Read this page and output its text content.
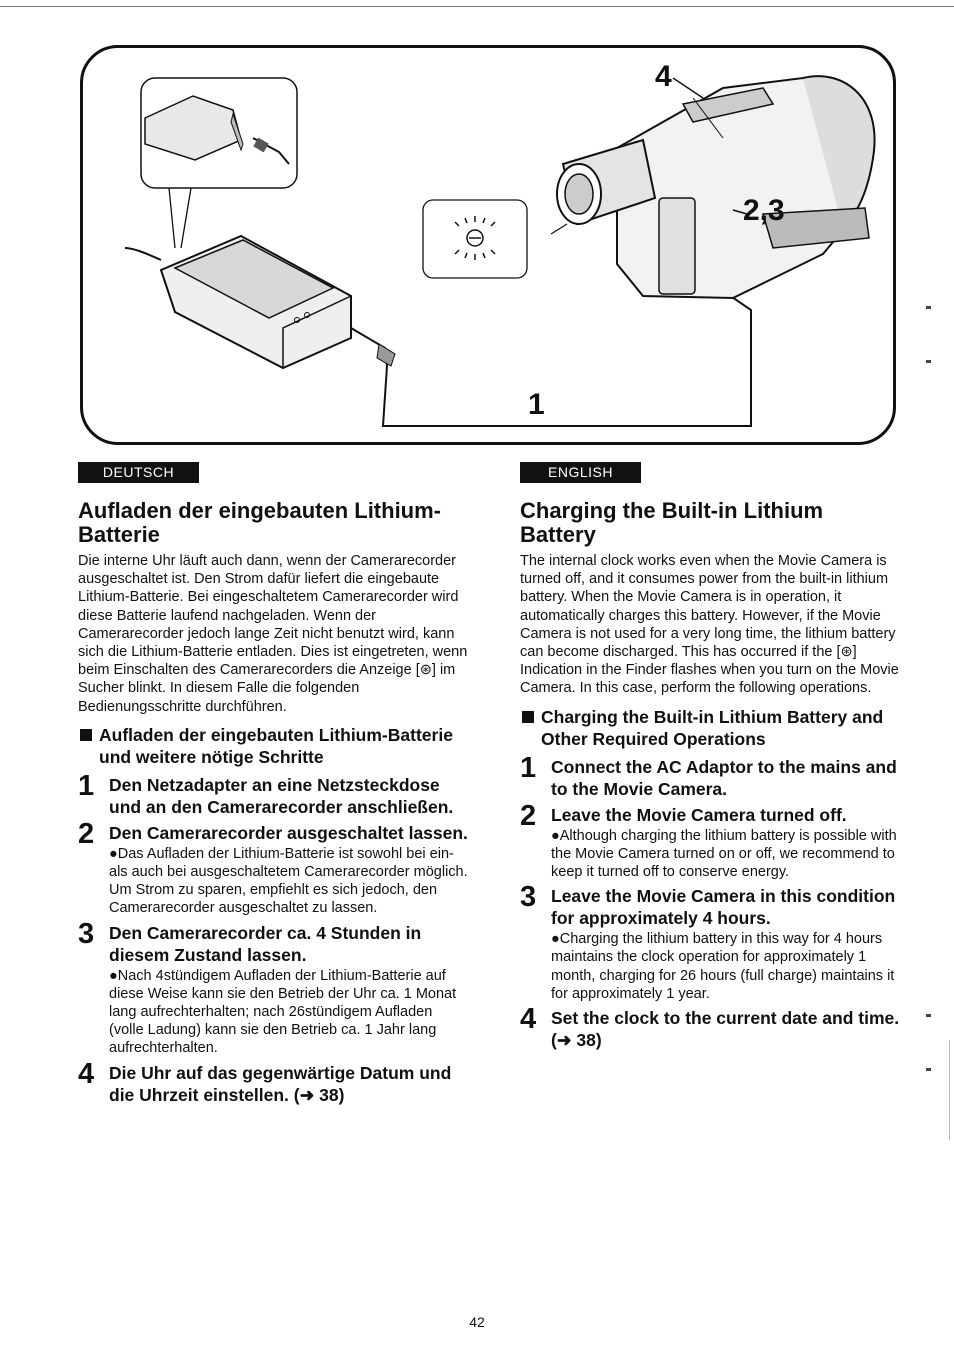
4
2,3
1
DEUTSCH
Aufladen der eingebauten Lithium-Batterie

Die interne Uhr läuft auch dann, wenn der Camerarecorder ausgeschaltet ist. Den Strom dafür liefert die eingebaute Lithium-Batterie. Bei eingeschaltetem Camerarecorder wird diese Batterie laufend nachgeladen. Wenn der Camerarecorder jedoch lange Zeit nicht benutzt wird, kann sich die Lithium-Batterie entladen. Dies ist eingetreten, wenn beim Einschalten des Camerarecorders die Anzeige [⊛] im Sucher blinkt. In diesem Falle die folgenden Bedienungsschritte durchführen.

Aufladen der eingebauten Lithium-Batterie und weitere nötige Schritte
1 Den Netzadapter an eine Netzsteckdose und an den Camerarecorder anschließen.
2 Den Camerarecorder ausgeschaltet lassen.
●Das Aufladen der Lithium-Batterie ist sowohl bei ein- als auch bei ausgeschaltetem Camerarecorder möglich. Um Strom zu sparen, empfiehlt es sich jedoch, den Camerarecorder ausgeschaltet zu lassen.
3 Den Camerarecorder ca. 4 Stunden in diesem Zustand lassen.
●Nach 4stündigem Aufladen der Lithium-Batterie auf diese Weise kann sie den Betrieb der Uhr ca. 1 Monat lang aufrechterhalten; nach 26stündigem Aufladen (volle Ladung) kann sie den Betrieb ca. 1 Jahr lang aufrechterhalten.
4 Die Uhr auf das gegenwärtige Datum und die Uhrzeit einstellen. (➜ 38)
ENGLISH
Charging the Built-in Lithium Battery

The internal clock works even when the Movie Camera is turned off, and it consumes power from the built-in lithium battery. When the Movie Camera is in operation, it automatically charges this battery. However, if the Movie Camera is not used for a very long time, the lithium battery can become discharged. This has occurred if the [⊛] Indication in the Finder flashes when you turn on the Movie Camera. In this case, perform the following operations.

Charging the Built-in Lithium Battery and Other Required Operations
1 Connect the AC Adaptor to the mains and to the Movie Camera.
2 Leave the Movie Camera turned off.
●Although charging the lithium battery is possible with the Movie Camera turned on or off, we recommend to keep it turned off to conserve energy.
3 Leave the Movie Camera in this condition for approximately 4 hours.
●Charging the lithium battery in this way for 4 hours maintains the clock operation for approximately 1 month, charging for 26 hours (full charge) maintains it for approximately 1 year.
4 Set the clock to the current date and time. (➜ 38)
42
